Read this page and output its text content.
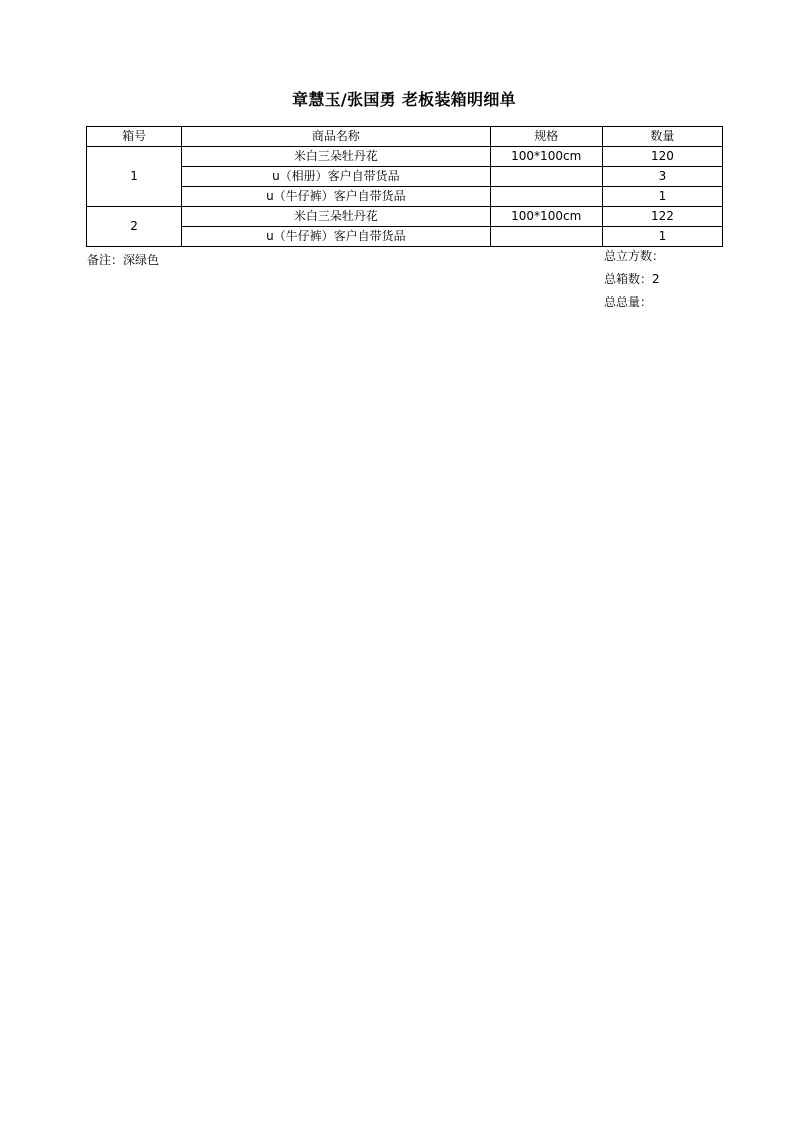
章慧玉/张国勇 老板装箱明细单
箱号	商品名称	规格	数量
1	米白三朵牡丹花	100*100cm	120
	u（相册）客户自带货品		3
	u（牛仔裤）客户自带货品		1
2	米白三朵牡丹花	100*100cm	122
	u（牛仔裤）客户自带货品		1
备注：深绿色	总立方数：
总箱数：2
总总量：
